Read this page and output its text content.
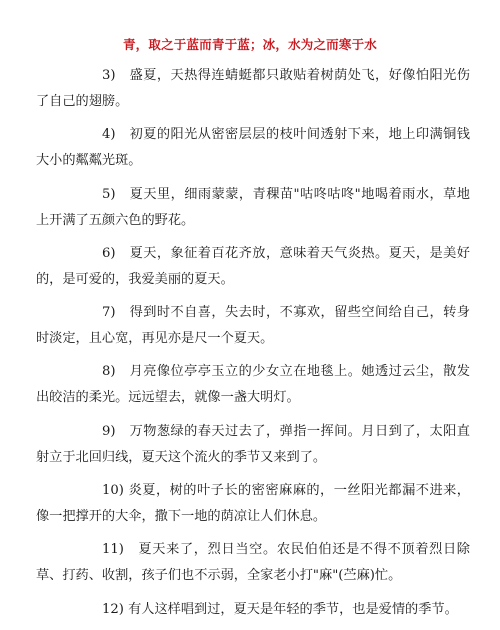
青，取之于蓝而青于蓝；冰，水为之而寒于水

3)　盛夏，天热得连蜻蜓都只敢贴着树荫处飞，好像怕阳光伤了自己的翅膀。

4)　初夏的阳光从密密层层的枝叶间透射下来，地上印满铜钱大小的粼粼光斑。

5)　夏天里，细雨蒙蒙，青稞苗"咕咚咕咚"地喝着雨水，草地上开满了五颜六色的野花。

6)　夏天，象征着百花齐放，意味着天气炎热。夏天，是美好的，是可爱的，我爱美丽的夏天。

7)　得到时不自喜，失去时，不寡欢，留些空间给自己，转身时淡定，且心宽，再见亦是尺一个夏天。

8)　月亮像位亭亭玉立的少女立在地毯上。她透过云尘，散发出皎洁的柔光。远远望去，就像一盏大明灯。

9)　万物葱绿的春天过去了，弹指一挥间。月日到了，太阳直射立于北回归线，夏天这个流火的季节又来到了。

10) 炎夏，树的叶子长的密密麻麻的，一丝阳光都漏不进来，像一把撑开的大伞，撒下一地的荫凉让人们休息。

11)　夏天来了，烈日当空。农民伯伯还是不得不顶着烈日除草、打药、收割，孩子们也不示弱，全家老小打"麻"(苎麻)忙。

12) 有人这样唱到过，夏天是年轻的季节，也是爱情的季节。
